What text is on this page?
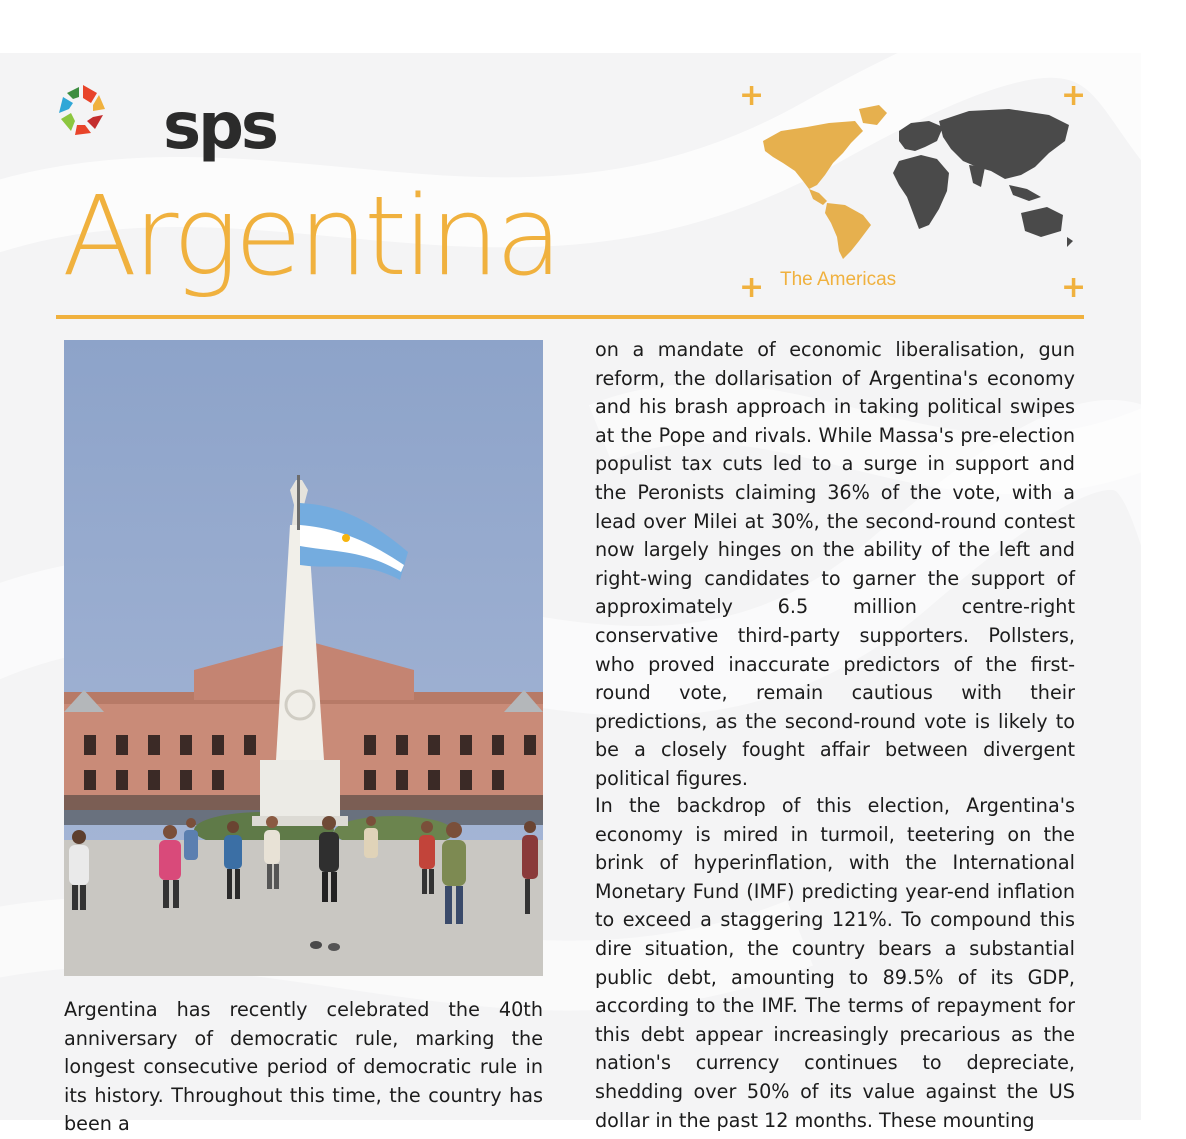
sps
Argentina
+	+
+	+
The Americas

Argentina has recently celebrated the 40th anniversary of democratic rule, marking the longest consecutive period of democratic rule in its history. Throughout this time, the country has been a

on a mandate of economic liberalisation, gun reform, the dollarisation of Argentina's economy and his brash approach in taking political swipes at the Pope and rivals. While Massa's pre-election populist tax cuts led to a surge in support and the Peronists claiming 36% of the vote, with a lead over Milei at 30%, the second-round contest now largely hinges on the ability of the left and right-wing candidates to garner the support of approximately 6.5 million centre-right conservative third-party supporters. Pollsters, who proved inaccurate predictors of the first-round vote, remain cautious with their predictions, as the second-round vote is likely to be a closely fought affair between divergent political figures.

In the backdrop of this election, Argentina's economy is mired in turmoil, teetering on the brink of hyperinflation, with the International Monetary Fund (IMF) predicting year-end inflation to exceed a staggering 121%. To compound this dire situation, the country bears a substantial public debt, amounting to 89.5% of its GDP, according to the IMF. The terms of repayment for this debt appear increasingly precarious as the nation's currency continues to depreciate, shedding over 50% of its value against the US dollar in the past 12 months. These mounting
